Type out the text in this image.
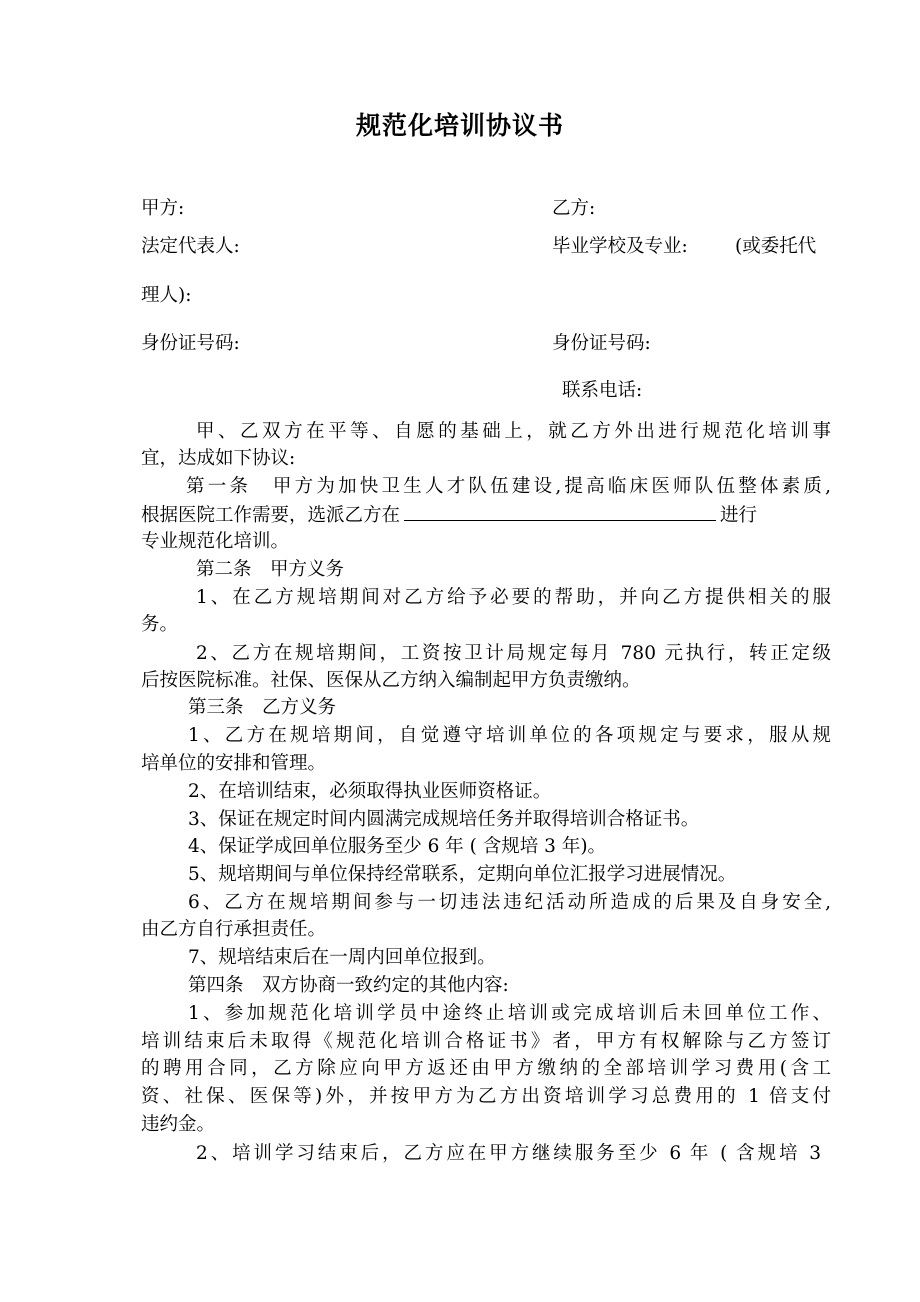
规范化培训协议书
甲方:	乙方:
法定代表人:	毕业学校及专业:	(或委托代
理人):
身份证号码:	身份证号码:
联系电话:
甲、乙双方在平等、自愿的基础上，就乙方外出进行规范化培训事
宜，达成如下协议:
第一条　甲方为加快卫生人才队伍建设,提高临床医师队伍整体素质,
根据医院工作需要，选派乙方在	进行
专业规范化培训。
第二条　甲方义务
1、在乙方规培期间对乙方给予必要的帮助，并向乙方提供相关的服
务。
2、乙方在规培期间，工资按卫计局规定每月 780 元执行，转正定级
后按医院标准。社保、医保从乙方纳入编制起甲方负责缴纳。
第三条　乙方义务
1、乙方在规培期间，自觉遵守培训单位的各项规定与要求，服从规
培单位的安排和管理。
2、在培训结束，必须取得执业医师资格证。
3、保证在规定时间内圆满完成规培任务并取得培训合格证书。
4、保证学成回单位服务至少 6 年 ( 含规培 3 年)。
5、规培期间与单位保持经常联系，定期向单位汇报学习进展情况。
6、乙方在规培期间参与一切违法违纪活动所造成的后果及自身安全,
由乙方自行承担责任。
7、规培结束后在一周内回单位报到。
第四条　双方协商一致约定的其他内容:
1、参加规范化培训学员中途终止培训或完成培训后未回单位工作、
培训结束后未取得《规范化培训合格证书》者，甲方有权解除与乙方签订
的聘用合同，乙方除应向甲方返还由甲方缴纳的全部培训学习费用(含工
资、社保、医保等)外，并按甲方为乙方出资培训学习总费用的 1 倍支付
违约金。
2、培训学习结束后，乙方应在甲方继续服务至少 6 年 ( 含规培 3
